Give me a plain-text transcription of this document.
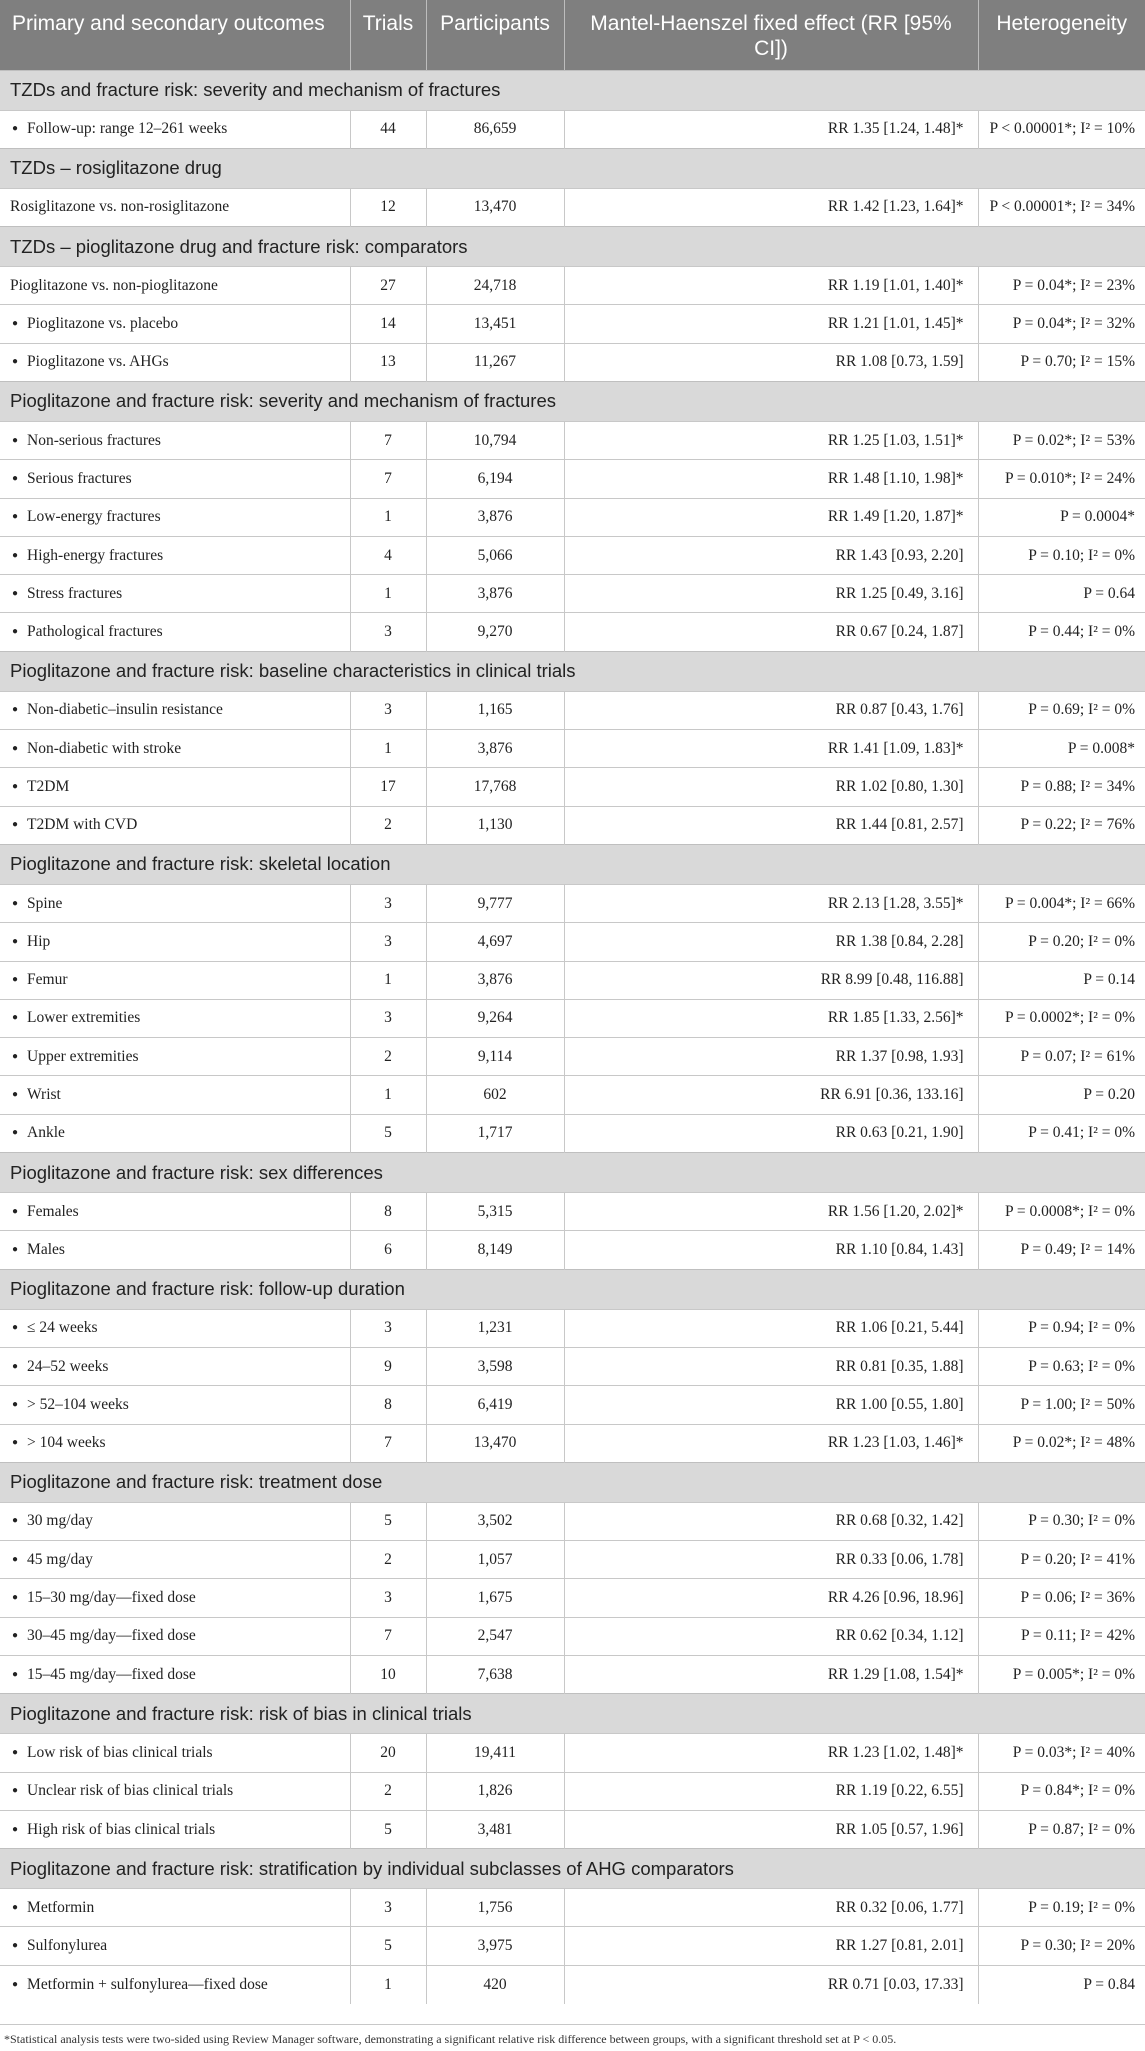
Primary and secondary outcomes	Trials	Participants	Mantel-Haenszel fixed effect (RR [95% CI])	Heterogeneity
TZDs and fracture risk: severity and mechanism of fractures				
● Follow-up: range 12–261 weeks	44	86,659	RR 1.35 [1.24, 1.48]*	P < 0.00001*; I² = 10%
TZDs – rosiglitazone drug				
Rosiglitazone vs. non-rosiglitazone	12	13,470	RR 1.42 [1.23, 1.64]*	P < 0.00001*; I² = 34%
TZDs – pioglitazone drug and fracture risk: comparators				
Pioglitazone vs. non-pioglitazone	27	24,718	RR 1.19 [1.01, 1.40]*	P = 0.04*; I² = 23%
● Pioglitazone vs. placebo	14	13,451	RR 1.21 [1.01, 1.45]*	P = 0.04*; I² = 32%
● Pioglitazone vs. AHGs	13	11,267	RR 1.08 [0.73, 1.59]	P = 0.70; I² = 15%
Pioglitazone and fracture risk: severity and mechanism of fractures				
● Non-serious fractures	7	10,794	RR 1.25 [1.03, 1.51]*	P = 0.02*; I² = 53%
● Serious fractures	7	6,194	RR 1.48 [1.10, 1.98]*	P = 0.010*; I² = 24%
● Low-energy fractures	1	3,876	RR 1.49 [1.20, 1.87]*	P = 0.0004*
● High-energy fractures	4	5,066	RR 1.43 [0.93, 2.20]	P = 0.10; I² = 0%
● Stress fractures	1	3,876	RR 1.25 [0.49, 3.16]	P = 0.64
● Pathological fractures	3	9,270	RR 0.67 [0.24, 1.87]	P = 0.44; I² = 0%
Pioglitazone and fracture risk: baseline characteristics in clinical trials				
● Non-diabetic–insulin resistance	3	1,165	RR 0.87 [0.43, 1.76]	P = 0.69; I² = 0%
● Non-diabetic with stroke	1	3,876	RR 1.41 [1.09, 1.83]*	P = 0.008*
● T2DM	17	17,768	RR 1.02 [0.80, 1.30]	P = 0.88; I² = 34%
● T2DM with CVD	2	1,130	RR 1.44 [0.81, 2.57]	P = 0.22; I² = 76%
Pioglitazone and fracture risk: skeletal location				
● Spine	3	9,777	RR 2.13 [1.28, 3.55]*	P = 0.004*; I² = 66%
● Hip	3	4,697	RR 1.38 [0.84, 2.28]	P = 0.20; I² = 0%
● Femur	1	3,876	RR 8.99 [0.48, 116.88]	P = 0.14
● Lower extremities	3	9,264	RR 1.85 [1.33, 2.56]*	P = 0.0002*; I² = 0%
● Upper extremities	2	9,114	RR 1.37 [0.98, 1.93]	P = 0.07; I² = 61%
● Wrist	1	602	RR 6.91 [0.36, 133.16]	P = 0.20
● Ankle	5	1,717	RR 0.63 [0.21, 1.90]	P = 0.41; I² = 0%
Pioglitazone and fracture risk: sex differences				
● Females	8	5,315	RR 1.56 [1.20, 2.02]*	P = 0.0008*; I² = 0%
● Males	6	8,149	RR 1.10 [0.84, 1.43]	P = 0.49; I² = 14%
Pioglitazone and fracture risk: follow-up duration				
● ≤ 24 weeks	3	1,231	RR 1.06 [0.21, 5.44]	P = 0.94; I² = 0%
● 24–52 weeks	9	3,598	RR 0.81 [0.35, 1.88]	P = 0.63; I² = 0%
● > 52–104 weeks	8	6,419	RR 1.00 [0.55, 1.80]	P = 1.00; I² = 50%
● > 104 weeks	7	13,470	RR 1.23 [1.03, 1.46]*	P = 0.02*; I² = 48%
Pioglitazone and fracture risk: treatment dose				
● 30 mg/day	5	3,502	RR 0.68 [0.32, 1.42]	P = 0.30; I² = 0%
● 45 mg/day	2	1,057	RR 0.33 [0.06, 1.78]	P = 0.20; I² = 41%
● 15–30 mg/day—fixed dose	3	1,675	RR 4.26 [0.96, 18.96]	P = 0.06; I² = 36%
● 30–45 mg/day—fixed dose	7	2,547	RR 0.62 [0.34, 1.12]	P = 0.11; I² = 42%
● 15–45 mg/day—fixed dose	10	7,638	RR 1.29 [1.08, 1.54]*	P = 0.005*; I² = 0%
Pioglitazone and fracture risk: risk of bias in clinical trials				
● Low risk of bias clinical trials	20	19,411	RR 1.23 [1.02, 1.48]*	P = 0.03*; I² = 40%
● Unclear risk of bias clinical trials	2	1,826	RR 1.19 [0.22, 6.55]	P = 0.84*; I² = 0%
● High risk of bias clinical trials	5	3,481	RR 1.05 [0.57, 1.96]	P = 0.87; I² = 0%
Pioglitazone and fracture risk: stratification by individual subclasses of AHG comparators				
● Metformin	3	1,756	RR 0.32 [0.06, 1.77]	P = 0.19; I² = 0%
● Sulfonylurea	5	3,975	RR 1.27 [0.81, 2.01]	P = 0.30; I² = 20%
● Metformin + sulfonylurea—fixed dose	1	420	RR 0.71 [0.03, 17.33]	P = 0.84
*Statistical analysis tests were two-sided using Review Manager software, demonstrating a significant relative risk difference between groups, with a significant threshold set at P < 0.05.
